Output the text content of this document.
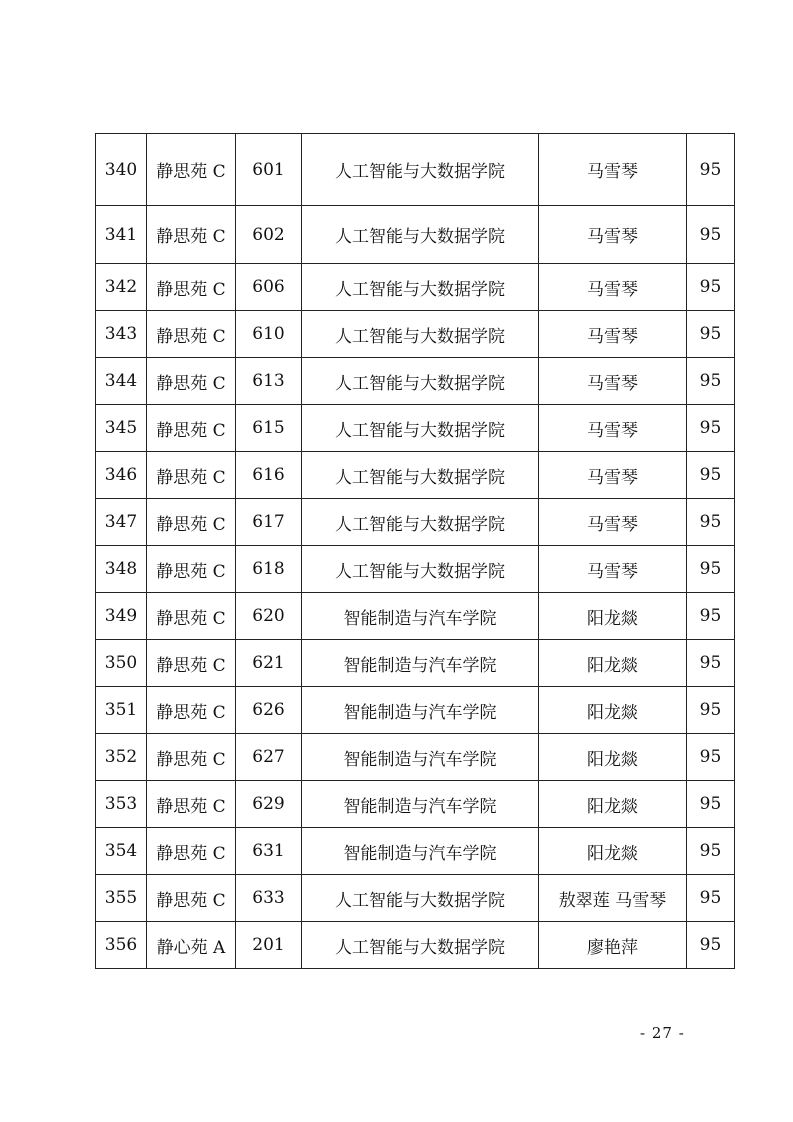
340	静思苑 C	601	人工智能与大数据学院	马雪琴	95
341	静思苑 C	602	人工智能与大数据学院	马雪琴	95
342	静思苑 C	606	人工智能与大数据学院	马雪琴	95
343	静思苑 C	610	人工智能与大数据学院	马雪琴	95
344	静思苑 C	613	人工智能与大数据学院	马雪琴	95
345	静思苑 C	615	人工智能与大数据学院	马雪琴	95
346	静思苑 C	616	人工智能与大数据学院	马雪琴	95
347	静思苑 C	617	人工智能与大数据学院	马雪琴	95
348	静思苑 C	618	人工智能与大数据学院	马雪琴	95
349	静思苑 C	620	智能制造与汽车学院	阳龙燚	95
350	静思苑 C	621	智能制造与汽车学院	阳龙燚	95
351	静思苑 C	626	智能制造与汽车学院	阳龙燚	95
352	静思苑 C	627	智能制造与汽车学院	阳龙燚	95
353	静思苑 C	629	智能制造与汽车学院	阳龙燚	95
354	静思苑 C	631	智能制造与汽车学院	阳龙燚	95
355	静思苑 C	633	人工智能与大数据学院	敖翠莲 马雪琴	95
356	静心苑 A	201	人工智能与大数据学院	廖艳萍	95
- 27 -
